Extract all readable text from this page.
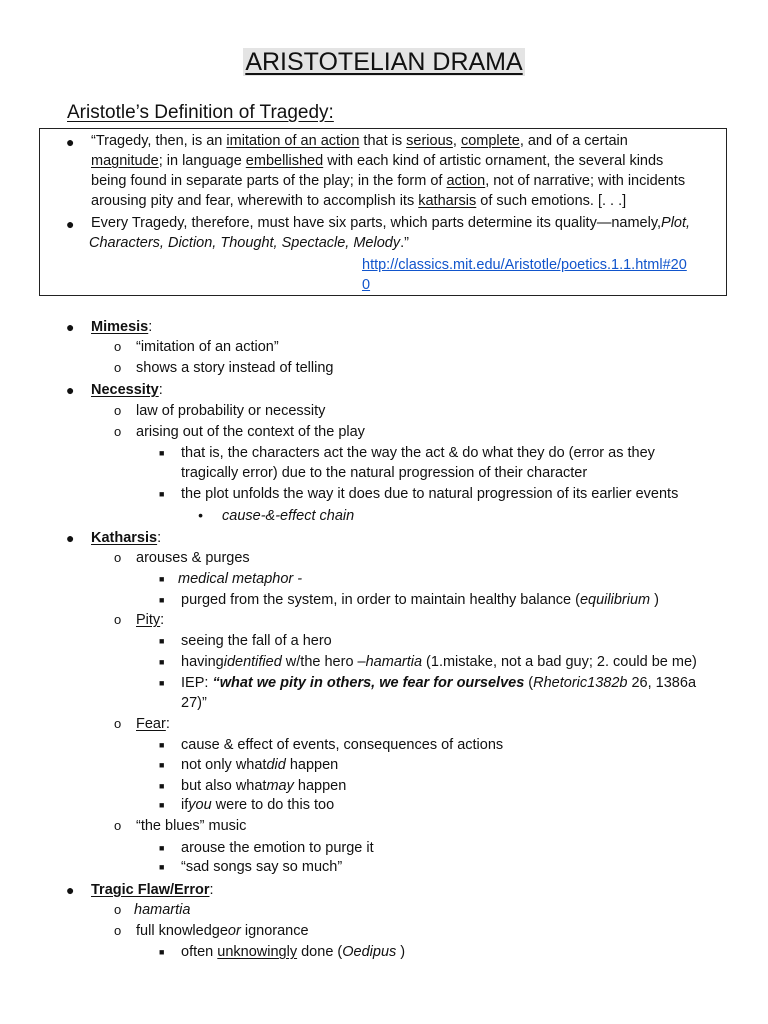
ARISTOTELIAN DRAMA
Aristotle’s Definition of Tragedy:
● “Tragedy, then, is an imitation of an action that is serious, complete, and of a certain
magnitude; in language embellished with each kind of artistic ornament, the several kinds
being found in separate parts of the play; in the form of action, not of narrative; with incidents
arousing pity and fear, wherewith to accomplish its katharsis of such emotions. [. . .]
● Every Tragedy, therefore, must have six parts, which parts determine its quality—namely,Plot,
Characters, Diction, Thought, Spectacle, Melody.”
http://classics.mit.edu/Aristotle/poetics.1.1.html#20
0
● Mimesis:
o “imitation of an action”
o shows a story instead of telling
● Necessity:
o law of probability or necessity
o arising out of the context of the play
■ that is, the characters act the way the act & do what they do (error as they
tragically error) due to the natural progression of their character
■ the plot unfolds the way it does due to natural progression of its earlier events
• cause-&-effect chain
● Katharsis:
o arouses & purges
■ medical metaphor -
■ purged from the system, in order to maintain healthy balance (equilibrium )
o Pity:
■ seeing the fall of a hero
■ havingidentified w/the hero –hamartia (1.mistake, not a bad guy; 2. could be me)
■ IEP: “what we pity in others, we fear for ourselves (Rhetoric1382b 26, 1386a
27)”
o Fear:
■ cause & effect of events, consequences of actions
■ not only whatdid happen
■ but also whatmay happen
■ ifyou were to do this too
o “the blues” music
■ arouse the emotion to purge it
■ “sad songs say so much”
● Tragic Flaw/Error:
o hamartia
o full knowledgeor ignorance
■ often unknowingly done (Oedipus )
